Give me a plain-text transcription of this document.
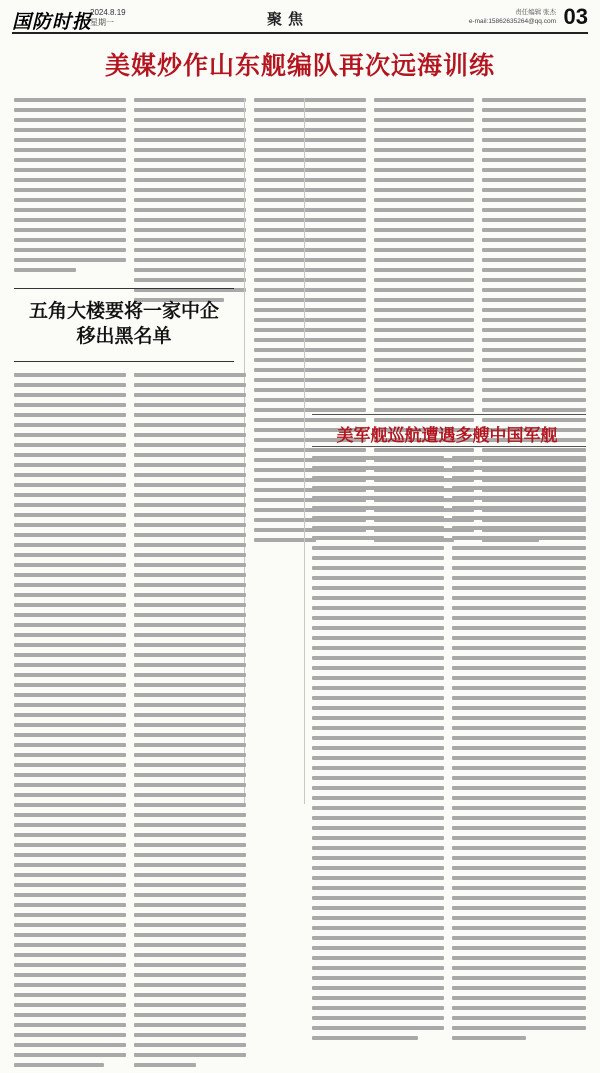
国防时报
2024.8.19
星期一	聚焦	责任编辑 张杰
e-mail:15862635264@qq.com 03
美媒炒作山东舰编队再次远海训练
五角大楼要将一家中企
移出黑名单
美军舰巡航遭遇多艘中国军舰
